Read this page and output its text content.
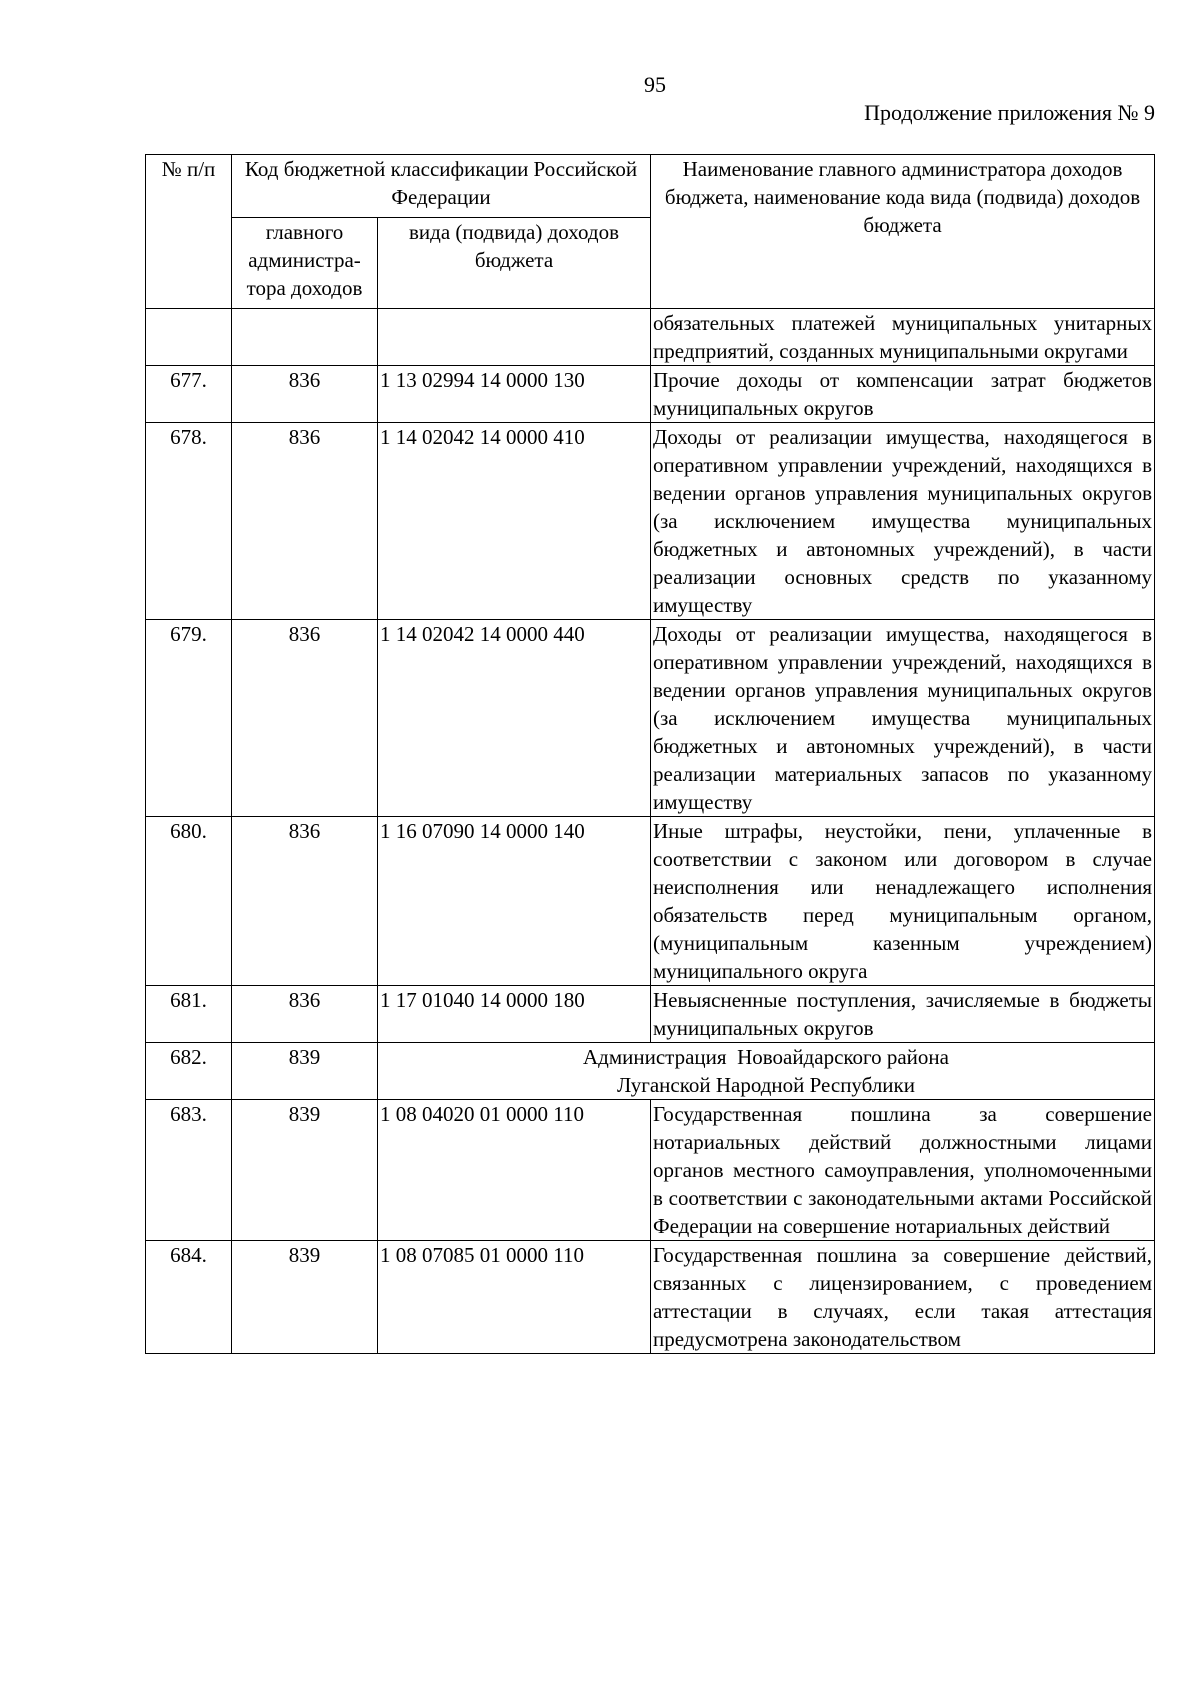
95
Продолжение приложения № 9
№ п/п	Код бюджетной классификации Российской Федерации		Наименование главного администратора доходов бюджета, наименование кода вида (подвида) доходов бюджета
	главного администра-тора доходов	вида (подвида) доходов бюджета	
			обязательных платежей муниципальных унитарных предприятий, созданных муниципальными округами
677.	836	1 13 02994 14 0000 130	Прочие доходы от компенсации затрат бюджетов муниципальных округов
678.	836	1 14 02042 14 0000 410	Доходы от реализации имущества, находящегося в оперативном управлении учреждений, находящихся в ведении органов управления муниципальных округов (за исключением имущества муниципальных бюджетных и автономных учреждений), в части реализации основных средств по указанному имуществу
679.	836	1 14 02042 14 0000 440	Доходы от реализации имущества, находящегося в оперативном управлении учреждений, находящихся в ведении органов управления муниципальных округов (за исключением имущества муниципальных бюджетных и автономных учреждений), в части реализации материальных запасов по указанному имуществу
680.	836	1 16 07090 14 0000 140	Иные штрафы, неустойки, пени, уплаченные в соответствии с законом или договором в случае неисполнения или ненадлежащего исполнения обязательств перед муниципальным органом, (муниципальным казенным учреждением) муниципального округа
681.	836	1 17 01040 14 0000 180	Невыясненные поступления, зачисляемые в бюджеты муниципальных округов
682.	839	Администрация  Новоайдарского района
Луганской Народной Республики	

683.	839	1 08 04020 01 0000 110	Государственная пошлина за совершение нотариальных действий должностными лицами органов местного самоуправления, уполномоченными в соответствии с законодательными актами Российской Федерации на совершение нотариальных действий
684.	839	1 08 07085 01 0000 110	Государственная пошлина за совершение действий, связанных с лицензированием, с проведением аттестации в случаях, если такая аттестация предусмотрена законодательством
